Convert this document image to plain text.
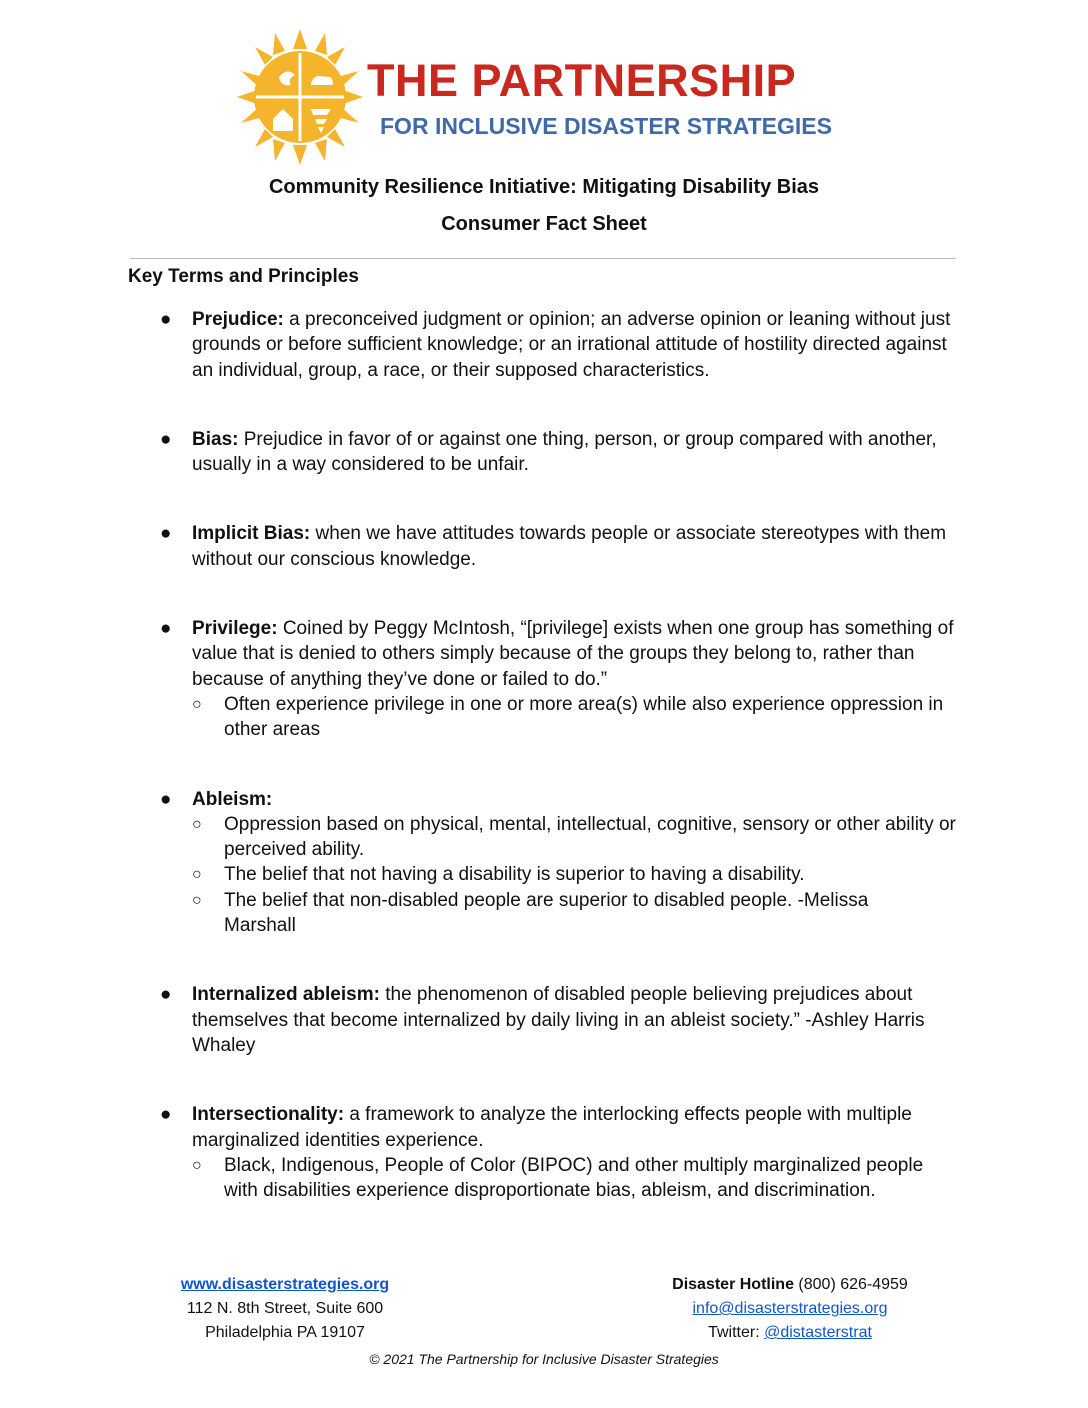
THE PARTNERSHIP
FOR INCLUSIVE DISASTER STRATEGIES
Community Resilience Initiative: Mitigating Disability Bias
Consumer Fact Sheet
Key Terms and Principles
● Prejudice: a preconceived judgment or opinion; an adverse opinion or leaning without just grounds or before sufficient knowledge; or an irrational attitude of hostility directed against an individual, group, a race, or their supposed characteristics.
● Bias: Prejudice in favor of or against one thing, person, or group compared with another, usually in a way considered to be unfair.
● Implicit Bias: when we have attitudes towards people or associate stereotypes with them without our conscious knowledge.
● Privilege: Coined by Peggy McIntosh, “[privilege] exists when one group has something of value that is denied to others simply because of the groups they belong to, rather than because of anything they’ve done or failed to do.”
○ Often experience privilege in one or more area(s) while also experience oppression in other areas
● Ableism:
○ Oppression based on physical, mental, intellectual, cognitive, sensory or other ability or perceived ability.
○ The belief that not having a disability is superior to having a disability.
○ The belief that non-disabled people are superior to disabled people. -Melissa Marshall
● Internalized ableism: the phenomenon of disabled people believing prejudices about themselves that become internalized by daily living in an ableist society.” -Ashley Harris Whaley
● Intersectionality: a framework to analyze the interlocking effects people with multiple marginalized identities experience.
○ Black, Indigenous, People of Color (BIPOC) and other multiply marginalized people with disabilities experience disproportionate bias, ableism, and discrimination.
www.disasterstrategies.org
112 N. 8th Street, Suite 600
Philadelphia PA 19107
Disaster Hotline (800) 626-4959
info@disasterstrategies.org
Twitter: @distasterstrat
© 2021 The Partnership for Inclusive Disaster Strategies
